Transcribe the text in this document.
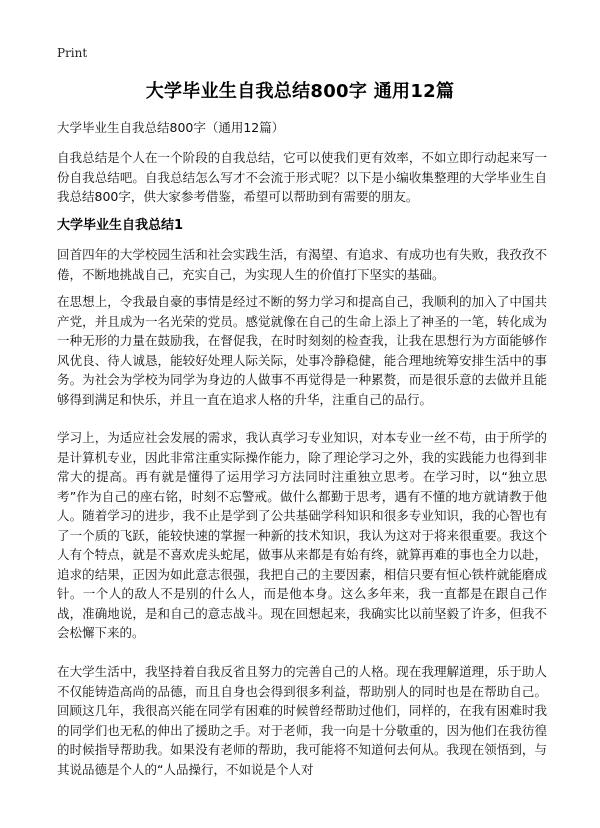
Print
大学毕业生自我总结800字 通用12篇
大学毕业生自我总结800字（通用12篇）

自我总结是个人在一个阶段的自我总结，它可以使我们更有效率，不如立即行动起来写一份自我总结吧。自我总结怎么写才不会流于形式呢？以下是小编收集整理的大学毕业生自我总结800字，供大家参考借鉴，希望可以帮助到有需要的朋友。

大学毕业生自我总结1

回首四年的大学校园生活和社会实践生活，有渴望、有追求、有成功也有失败，我孜孜不倦，不断地挑战自己，充实自己，为实现人生的价值打下坚实的基础。

在思想上，令我最自豪的事情是经过不断的努力学习和提高自己，我顺利的加入了中国共产党，并且成为一名光荣的党员。感觉就像在自己的生命上添上了神圣的一笔，转化成为一种无形的力量在鼓励我，在督促我，在时时刻刻的检查我，让我在思想行为方面能够作风优良、待人诚恳，能较好处理人际关际，处事冷静稳健，能合理地统筹安排生活中的事务。为社会为学校为同学为身边的人做事不再觉得是一种累赘，而是很乐意的去做并且能够得到满足和快乐，并且一直在追求人格的升华，注重自己的品行。

学习上，为适应社会发展的需求，我认真学习专业知识，对本专业一丝不苟，由于所学的是计算机专业，因此非常注重实际操作能力，除了理论学习之外，我的实践能力也得到非常大的提高。再有就是懂得了运用学习方法同时注重独立思考。在学习时，以“独立思考”作为自己的座右铭，时刻不忘警戒。做什么都勤于思考，遇有不懂的地方就请教于他人。随着学习的进步，我不止是学到了公共基础学科知识和很多专业知识，我的心智也有了一个质的飞跃，能较快速的掌握一种新的技术知识，我认为这对于将来很重要。我这个人有个特点，就是不喜欢虎头蛇尾，做事从来都是有始有终，就算再难的事也全力以赴，追求的结果，正因为如此意志很强，我把自己的主要因素，相信只要有恒心铁杵就能磨成针。一个人的敌人不是别的什么人，而是他本身。这么多年来，我一直都是在跟自己作战，准确地说，是和自己的意志战斗。现在回想起来，我确实比以前坚毅了许多，但我不会松懈下来的。

在大学生活中，我坚持着自我反省且努力的完善自己的人格。现在我理解道理，乐于助人不仅能铸造高尚的品德，而且自身也会得到很多利益，帮助别人的同时也是在帮助自己。回顾这几年，我很高兴能在同学有困难的时候曾经帮助过他们，同样的，在我有困难时我的同学们也无私的伸出了援助之手。对于老师，我一向是十分敬重的，因为他们在我彷徨的时候指导帮助我。如果没有老师的帮助，我可能将不知道何去何从。我现在领悟到，与其说品德是个人的“人品操行，不如说是个人对
